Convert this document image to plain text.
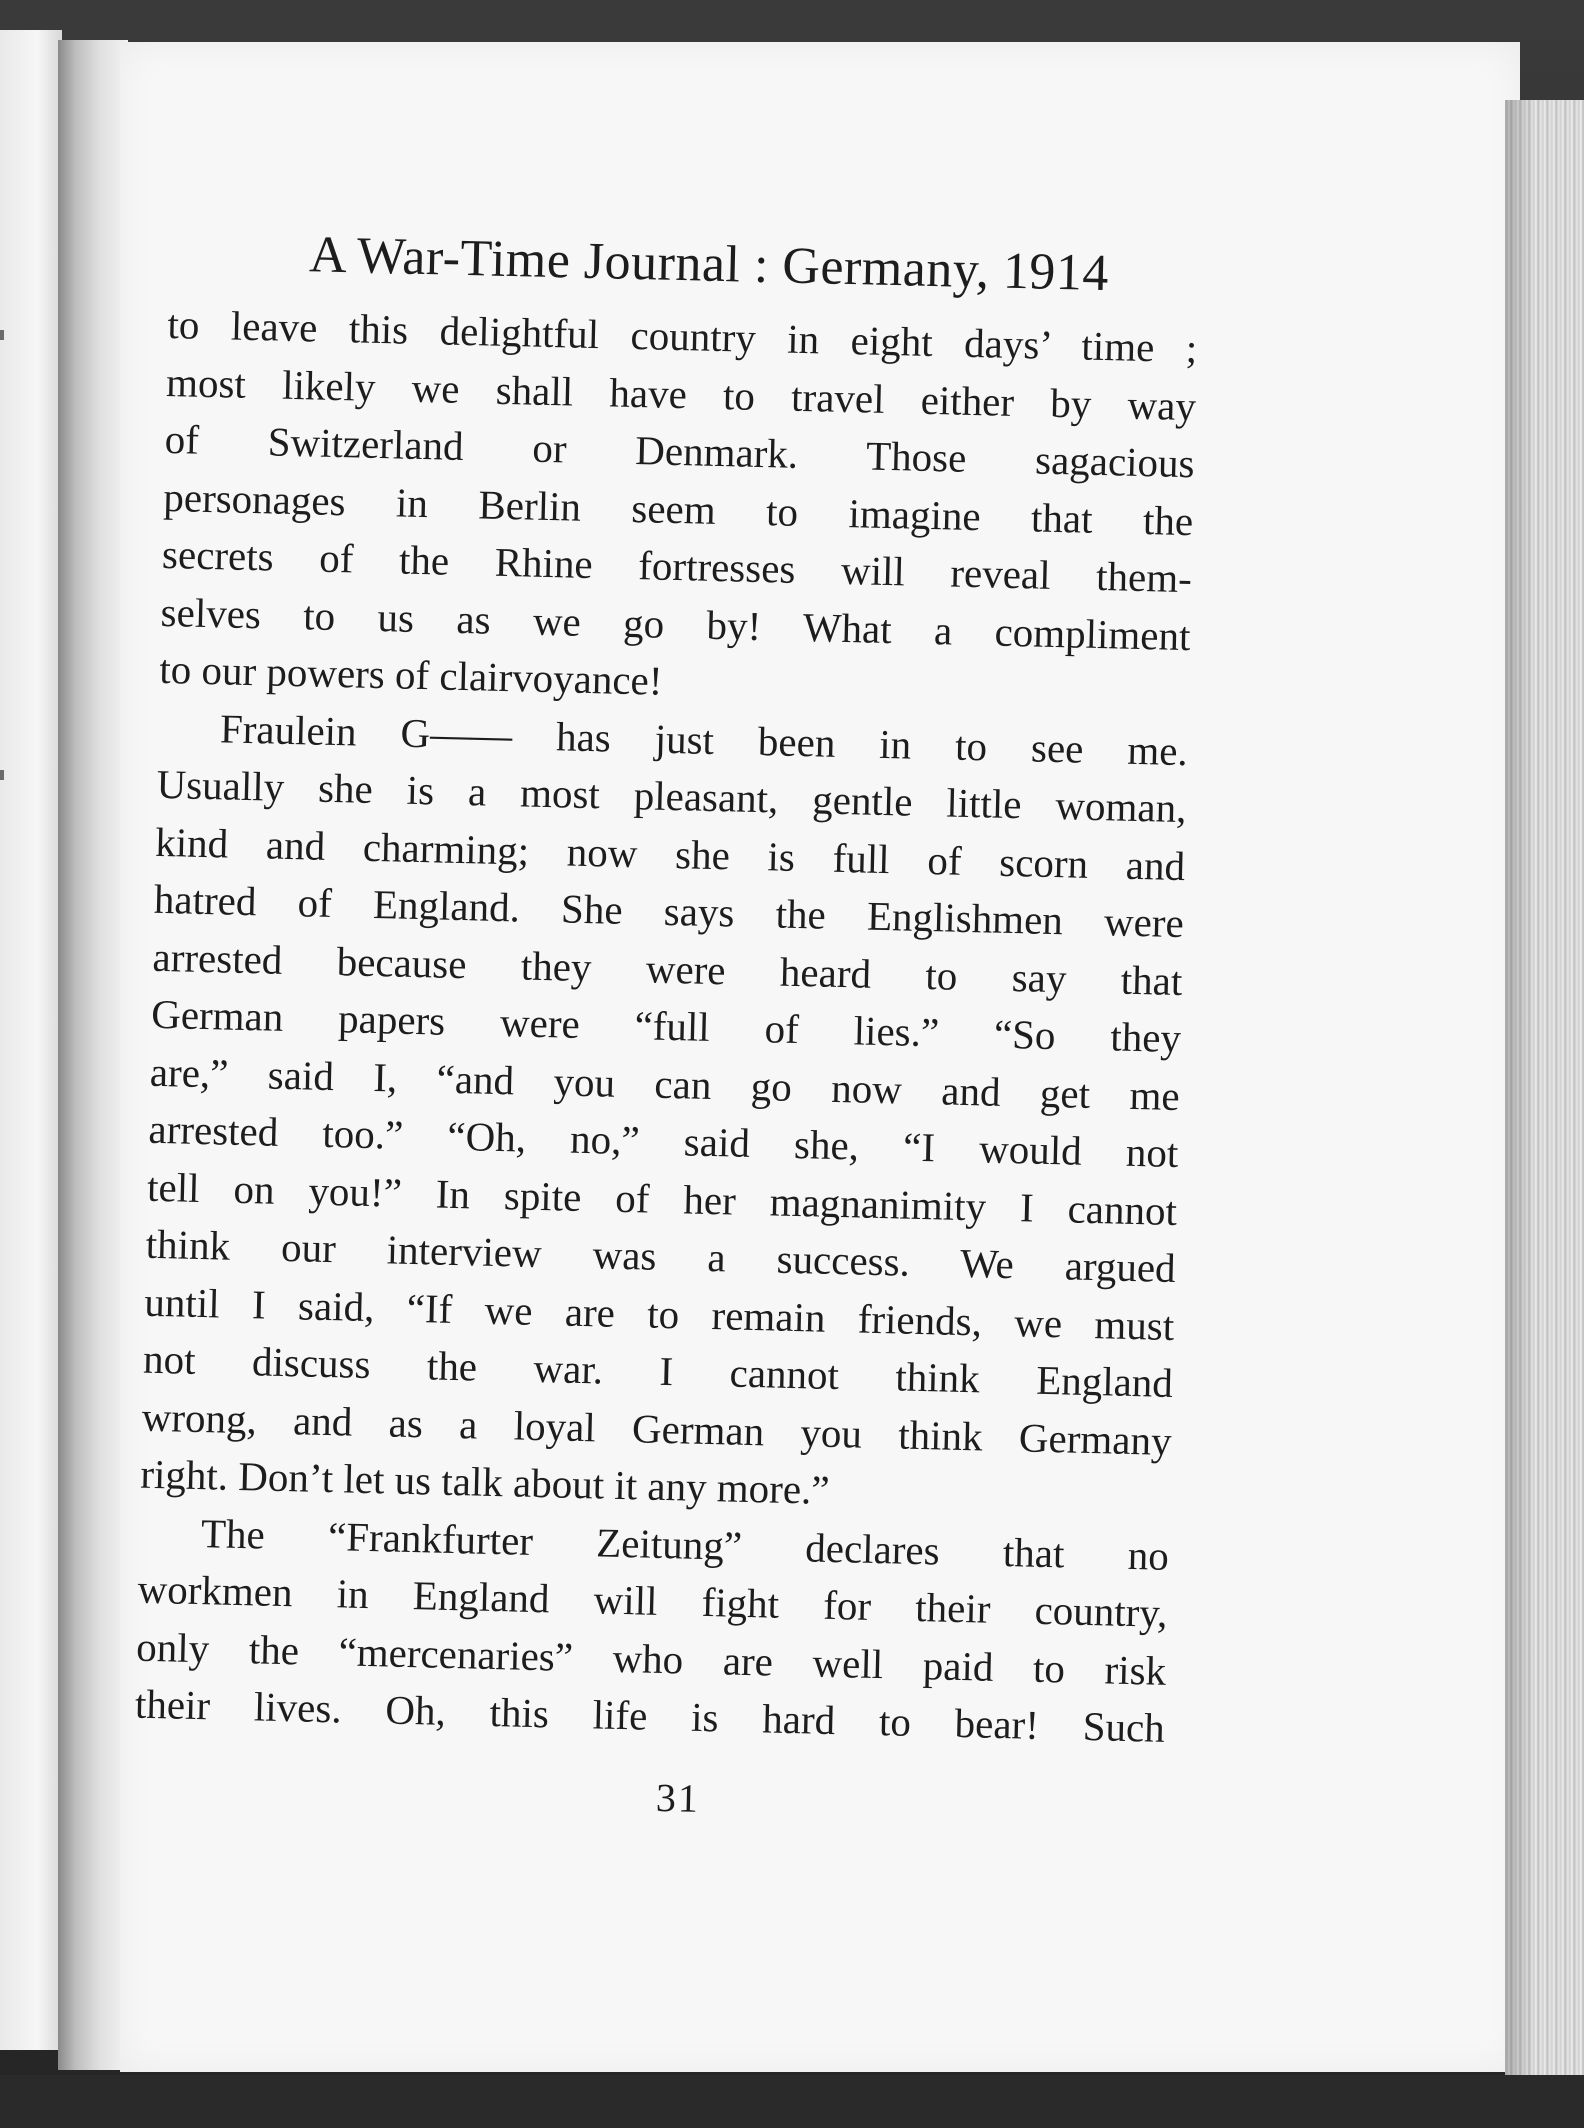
A War-Time Journal : Germany, 1914
to leave this delightful country in eight days’ time ;
most likely we shall have to travel either by way
of Switzerland or Denmark. Those sagacious
personages in Berlin seem to imagine that the
secrets of the Rhine fortresses will reveal them-
selves to us as we go by! What a compliment
to our powers of clairvoyance!
Fraulein G—— has just been in to see me.
Usually she is a most pleasant, gentle little woman,
kind and charming; now she is full of scorn and
hatred of England. She says the Englishmen were
arrested because they were heard to say that
German papers were “full of lies.” “So they
are,” said I, “and you can go now and get me
arrested too.” “Oh, no,” said she, “I would not
tell on you!” In spite of her magnanimity I cannot
think our interview was a success. We argued
until I said, “If we are to remain friends, we must
not discuss the war. I cannot think England
wrong, and as a loyal German you think Germany
right. Don’t let us talk about it any more.”
The “Frankfurter Zeitung” declares that no
workmen in England will fight for their country,
only the “mercenaries” who are well paid to risk
their lives. Oh, this life is hard to bear! Such
31
